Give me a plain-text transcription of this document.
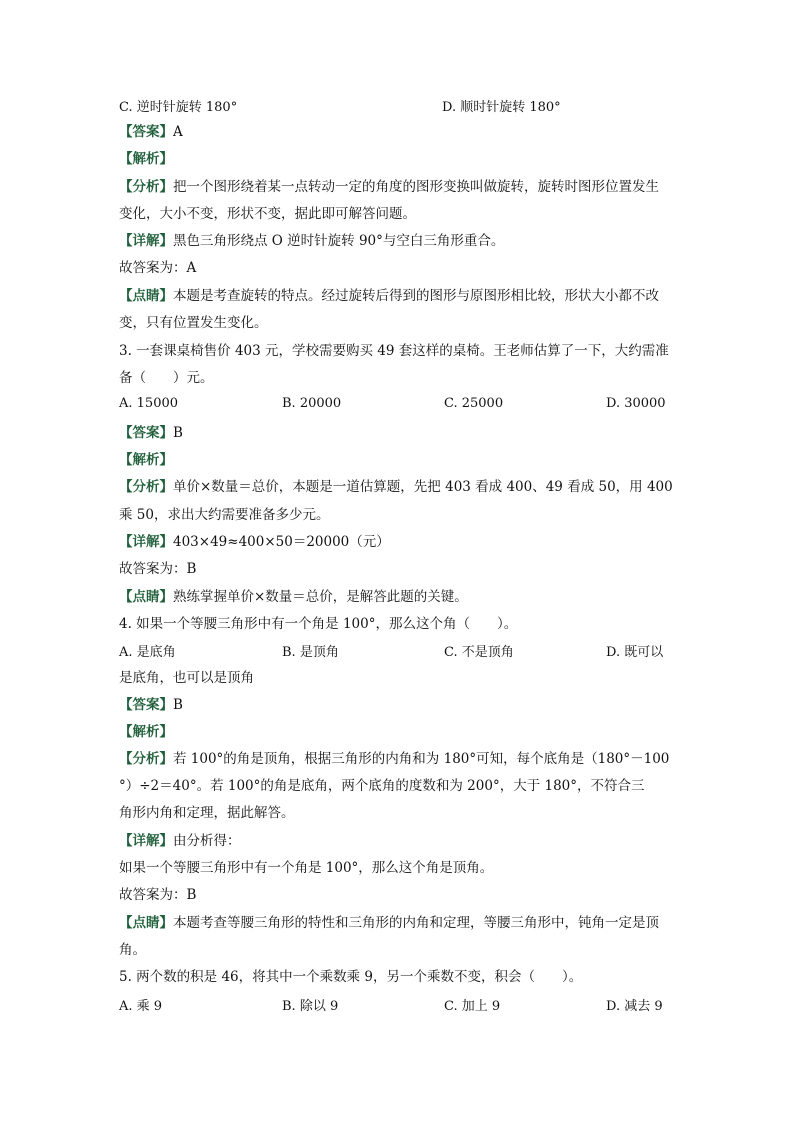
C. 逆时针旋转 180°	D. 顺时针旋转 180°
【答案】A
【解析】
【分析】把一个图形绕着某一点转动一定的角度的图形变换叫做旋转，旋转时图形位置发生
变化，大小不变，形状不变，据此即可解答问题。
【详解】黑色三角形绕点 O 逆时针旋转 90°与空白三角形重合。
故答案为：A
【点睛】本题是考查旋转的特点。经过旋转后得到的图形与原图形相比较，形状大小都不改
变，只有位置发生变化。
3. 一套课桌椅售价 403 元，学校需要购买 49 套这样的桌椅。王老师估算了一下，大约需准
备（　　）元。
A. 15000	B. 20000	C. 25000	D. 30000
【答案】B
【解析】
【分析】单价×数量＝总价，本题是一道估算题，先把 403 看成 400、49 看成 50，用 400
乘 50，求出大约需要准备多少元。
【详解】403×49≈400×50＝20000（元）
故答案为：B
【点睛】熟练掌握单价×数量＝总价，是解答此题的关键。
4. 如果一个等腰三角形中有一个角是 100°，那么这个角（　　）。
A. 是底角	B. 是顶角	C. 不是顶角	D. 既可以
是底角，也可以是顶角
【答案】B
【解析】
【分析】若 100°的角是顶角，根据三角形的内角和为 180°可知，每个底角是（180°－100
°）÷2＝40°。若 100°的角是底角，两个底角的度数和为 200°，大于 180°，不符合三
角形内角和定理，据此解答。
【详解】由分析得：
如果一个等腰三角形中有一个角是 100°，那么这个角是顶角。
故答案为：B
【点睛】本题考查等腰三角形的特性和三角形的内角和定理，等腰三角形中，钝角一定是顶
角。
5. 两个数的积是 46，将其中一个乘数乘 9，另一个乘数不变，积会（　　）。
A. 乘 9	B. 除以 9	C. 加上 9	D. 减去 9
